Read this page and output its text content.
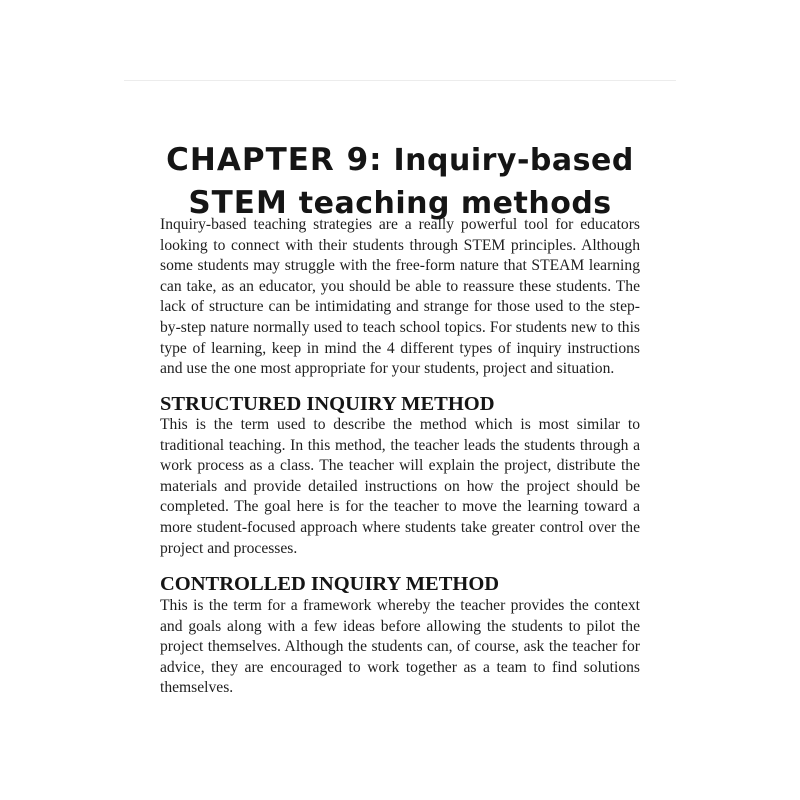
CHAPTER 9: Inquiry-based
STEM teaching methods

Inquiry-based teaching strategies are a really powerful tool for educators looking to connect with their students through STEM principles. Although some students may struggle with the free-form nature that STEAM learning can take, as an educator, you should be able to reassure these students. The lack of structure can be intimidating and strange for those used to the step-by-step nature normally used to teach school topics. For students new to this type of learning, keep in mind the 4 different types of inquiry instructions and use the one most appropriate for your students, project and situation.

STRUCTURED INQUIRY METHOD

This is the term used to describe the method which is most similar to traditional teaching. In this method, the teacher leads the students through a work process as a class. The teacher will explain the project, distribute the materials and provide detailed instructions on how the project should be completed. The goal here is for the teacher to move the learning toward a more student-focused approach where students take greater control over the project and processes.

CONTROLLED INQUIRY METHOD

This is the term for a framework whereby the teacher provides the context and goals along with a few ideas before allowing the students to pilot the project themselves. Although the students can, of course, ask the teacher for advice, they are encouraged to work together as a team to find solutions themselves.
